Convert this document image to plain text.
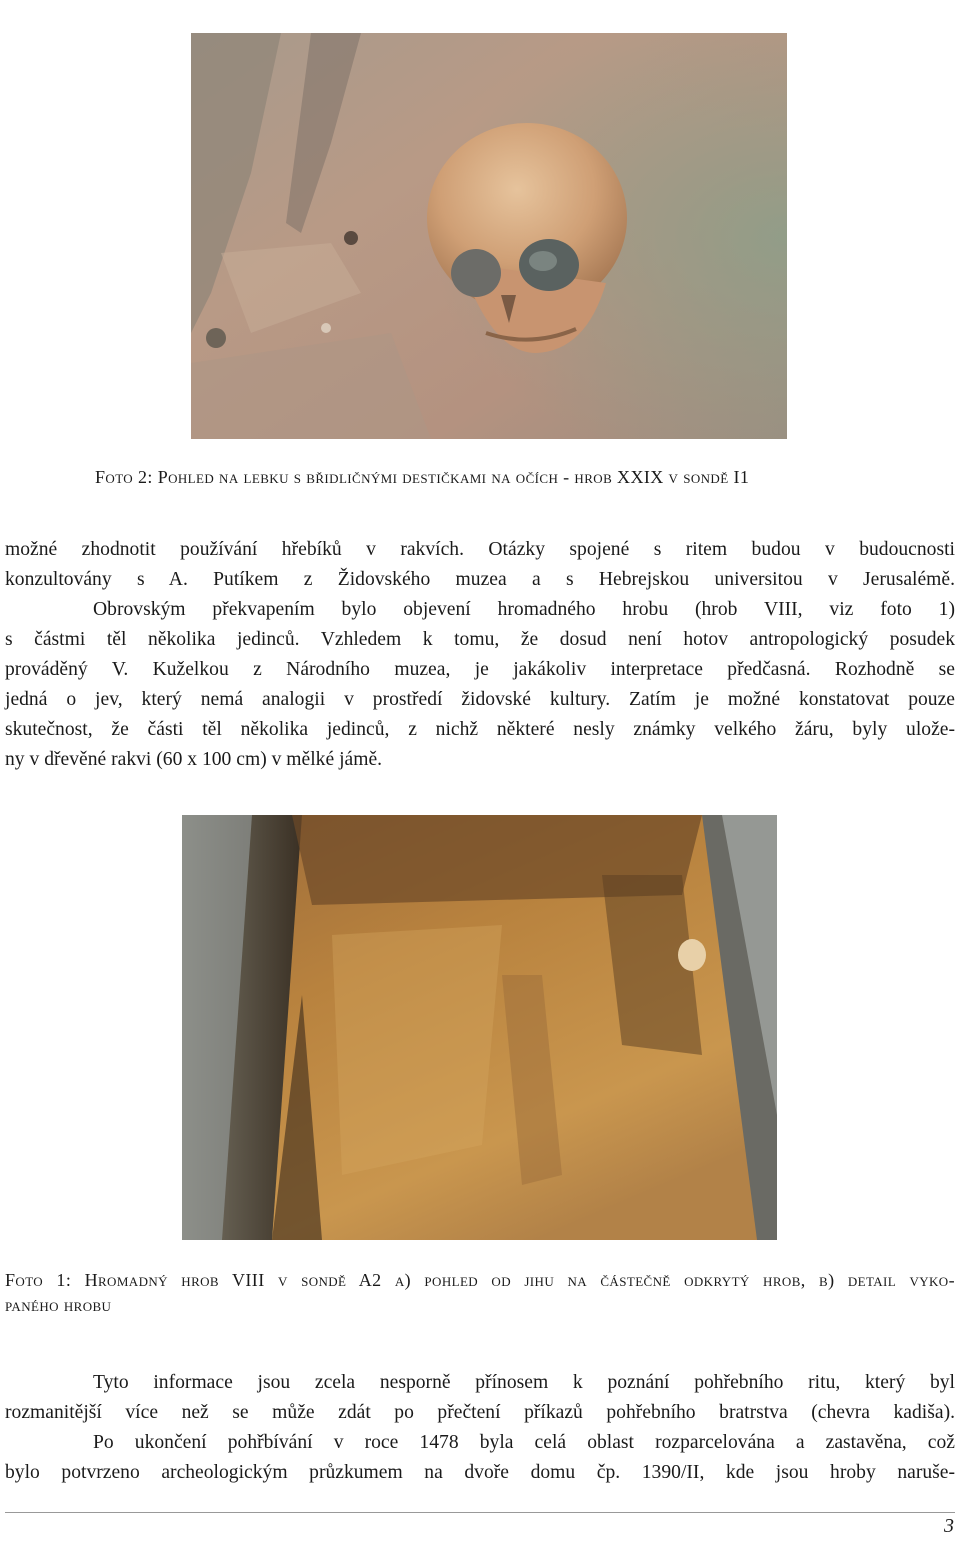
Foto 2: Pohled na lebku s břidličnými destičkami na očích - hrob XXIX v sondě I1
možné zhodnotit používání hřebíků v rakvích. Otázky spojené s ritem budou v budoucnosti
konzultovány s A. Putíkem z Židovského muzea a s Hebrejskou universitou v Jerusalémě.
Obrovským překvapením bylo objevení hromadného hrobu (hrob VIII, viz foto 1)
s částmi těl několika jedinců. Vzhledem k tomu, že dosud není hotov antropologický posudek
prováděný V. Kuželkou z Národního muzea, je jakákoliv interpretace předčasná. Rozhodně se
jedná o jev, který nemá analogii v prostředí židovské kultury. Zatím je možné konstatovat pouze
skutečnost, že části těl několika jedinců, z nichž některé nesly známky velkého žáru, byly ulože-
ny v dřevěné rakvi (60 x 100 cm) v mělké jámě.
Foto 1: Hromadný hrob VIII v sondě A2 a) pohled od jihu na částečně odkrytý hrob, b) detail vyko-
paného hrobu
Tyto informace jsou zcela nesporně přínosem k poznání pohřebního ritu, který byl
rozmanitější více než se může zdát po přečtení příkazů pohřebního bratrstva (chevra kadiša).
Po ukončení pohřbívání v roce 1478 byla celá oblast rozparcelována a zastavěna, což
bylo potvrzeno archeologickým průzkumem na dvoře domu čp. 1390/II, kde jsou hroby naruše-
3
